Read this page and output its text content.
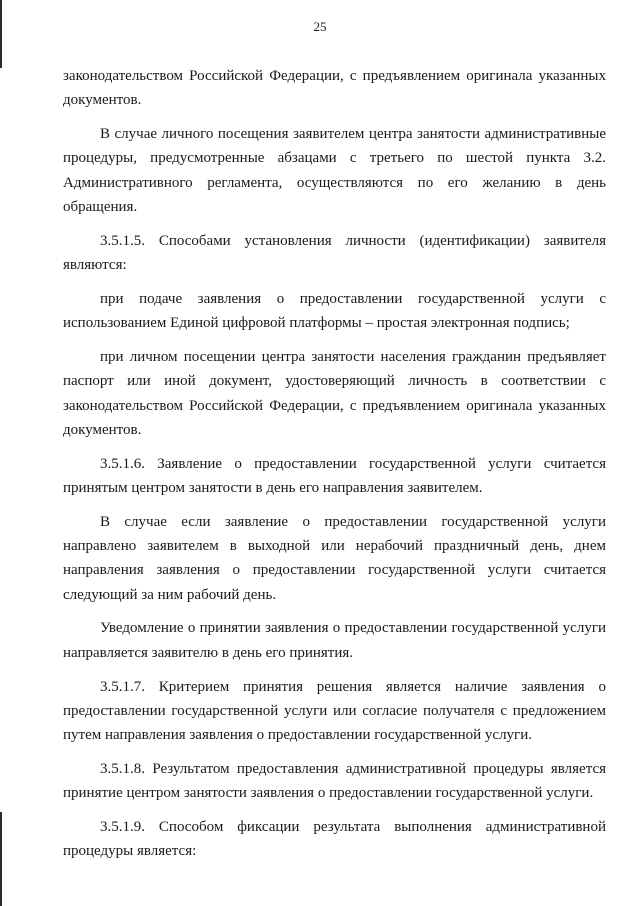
25

законодательством Российской Федерации, с предъявлением оригинала указанных документов.

В случае личного посещения заявителем центра занятости административные процедуры, предусмотренные абзацами с третьего по шестой пункта 3.2. Административного регламента, осуществляются по его желанию в день обращения.

3.5.1.5. Способами установления личности (идентификации) заявителя являются:

при подаче заявления о предоставлении государственной услуги с использованием Единой цифровой платформы – простая электронная подпись;

при личном посещении центра занятости населения гражданин предъявляет паспорт или иной документ, удостоверяющий личность в соответствии с законодательством Российской Федерации, с предъявлением оригинала указанных документов.

3.5.1.6. Заявление о предоставлении государственной услуги считается принятым центром занятости в день его направления заявителем.

В случае если заявление о предоставлении государственной услуги направлено заявителем в выходной или нерабочий праздничный день, днем направления заявления о предоставлении государственной услуги считается следующий за ним рабочий день.

Уведомление о принятии заявления о предоставлении государственной услуги направляется заявителю в день его принятия.

3.5.1.7. Критерием принятия решения является наличие заявления о предоставлении государственной услуги или согласие получателя с предложением путем направления заявления о предоставлении государственной услуги.

3.5.1.8. Результатом предоставления административной процедуры является принятие центром занятости заявления о предоставлении государственной услуги.

3.5.1.9. Способом фиксации результата выполнения административной процедуры является:
